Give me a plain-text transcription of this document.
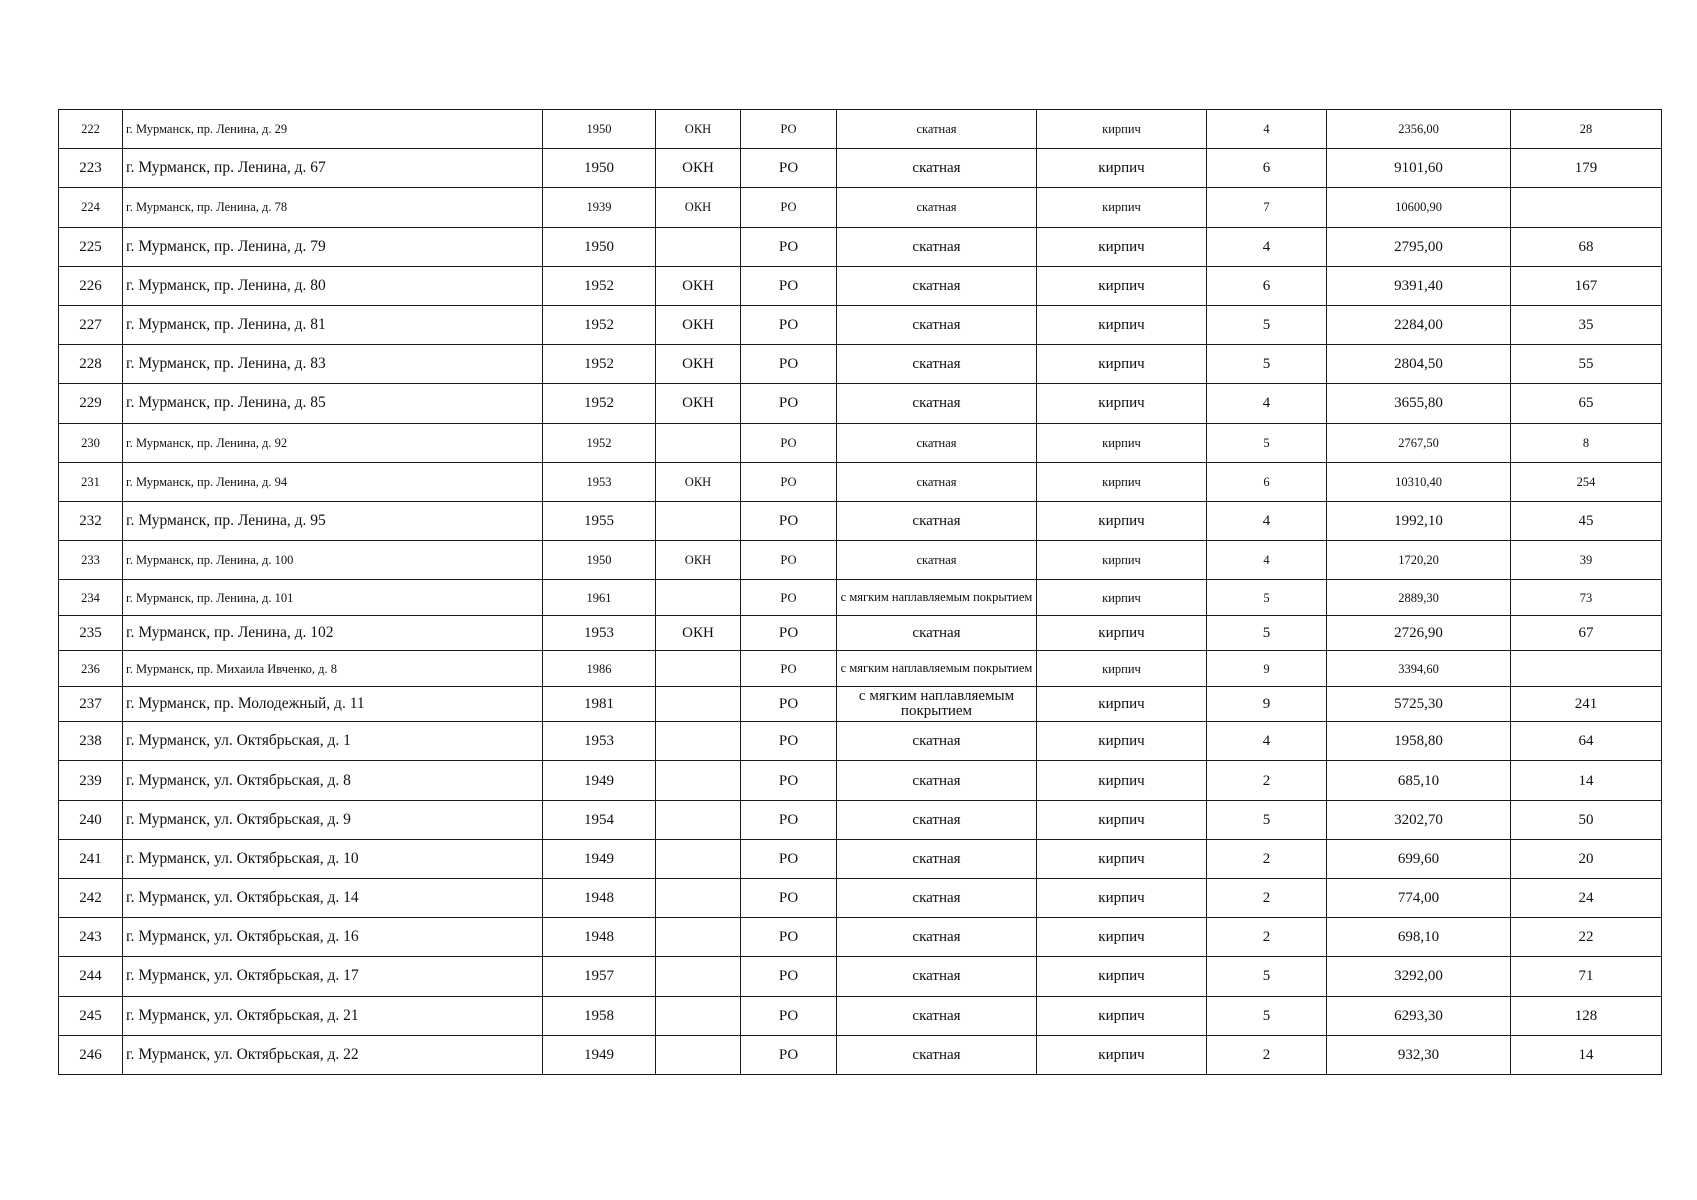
222	г. Мурманск, пр. Ленина, д. 29	1950	ОКН	РО	скатная	кирпич	4	2356,00	28
223	г. Мурманск, пр. Ленина, д. 67	1950	ОКН	РО	скатная	кирпич	6	9101,60	179
224	г. Мурманск, пр. Ленина, д. 78	1939	ОКН	РО	скатная	кирпич	7	10600,90	
225	г. Мурманск, пр. Ленина, д. 79	1950		РО	скатная	кирпич	4	2795,00	68
226	г. Мурманск, пр. Ленина, д. 80	1952	ОКН	РО	скатная	кирпич	6	9391,40	167
227	г. Мурманск, пр. Ленина, д. 81	1952	ОКН	РО	скатная	кирпич	5	2284,00	35
228	г. Мурманск, пр. Ленина, д. 83	1952	ОКН	РО	скатная	кирпич	5	2804,50	55
229	г. Мурманск, пр. Ленина, д. 85	1952	ОКН	РО	скатная	кирпич	4	3655,80	65
230	г. Мурманск, пр. Ленина, д. 92	1952		РО	скатная	кирпич	5	2767,50	8
231	г. Мурманск, пр. Ленина, д. 94	1953	ОКН	РО	скатная	кирпич	6	10310,40	254
232	г. Мурманск, пр. Ленина, д. 95	1955		РО	скатная	кирпич	4	1992,10	45
233	г. Мурманск, пр. Ленина, д. 100	1950	ОКН	РО	скатная	кирпич	4	1720,20	39
234	г. Мурманск, пр. Ленина, д. 101	1961		РО	с мягким наплавляемым покрытием	кирпич	5	2889,30	73
235	г. Мурманск, пр. Ленина, д. 102	1953	ОКН	РО	скатная	кирпич	5	2726,90	67
236	г. Мурманск, пр. Михаила Ивченко, д. 8	1986		РО	с мягким наплавляемым покрытием	кирпич	9	3394,60	
237	г. Мурманск, пр. Молодежный, д. 11	1981		РО	с мягким наплавляемым покрытием	кирпич	9	5725,30	241
238	г. Мурманск, ул. Октябрьская, д. 1	1953		РО	скатная	кирпич	4	1958,80	64
239	г. Мурманск, ул. Октябрьская, д. 8	1949		РО	скатная	кирпич	2	685,10	14
240	г. Мурманск, ул. Октябрьская, д. 9	1954		РО	скатная	кирпич	5	3202,70	50
241	г. Мурманск, ул. Октябрьская, д. 10	1949		РО	скатная	кирпич	2	699,60	20
242	г. Мурманск, ул. Октябрьская, д. 14	1948		РО	скатная	кирпич	2	774,00	24
243	г. Мурманск, ул. Октябрьская, д. 16	1948		РО	скатная	кирпич	2	698,10	22
244	г. Мурманск, ул. Октябрьская, д. 17	1957		РО	скатная	кирпич	5	3292,00	71
245	г. Мурманск, ул. Октябрьская, д. 21	1958		РО	скатная	кирпич	5	6293,30	128
246	г. Мурманск, ул. Октябрьская, д. 22	1949		РО	скатная	кирпич	2	932,30	14
